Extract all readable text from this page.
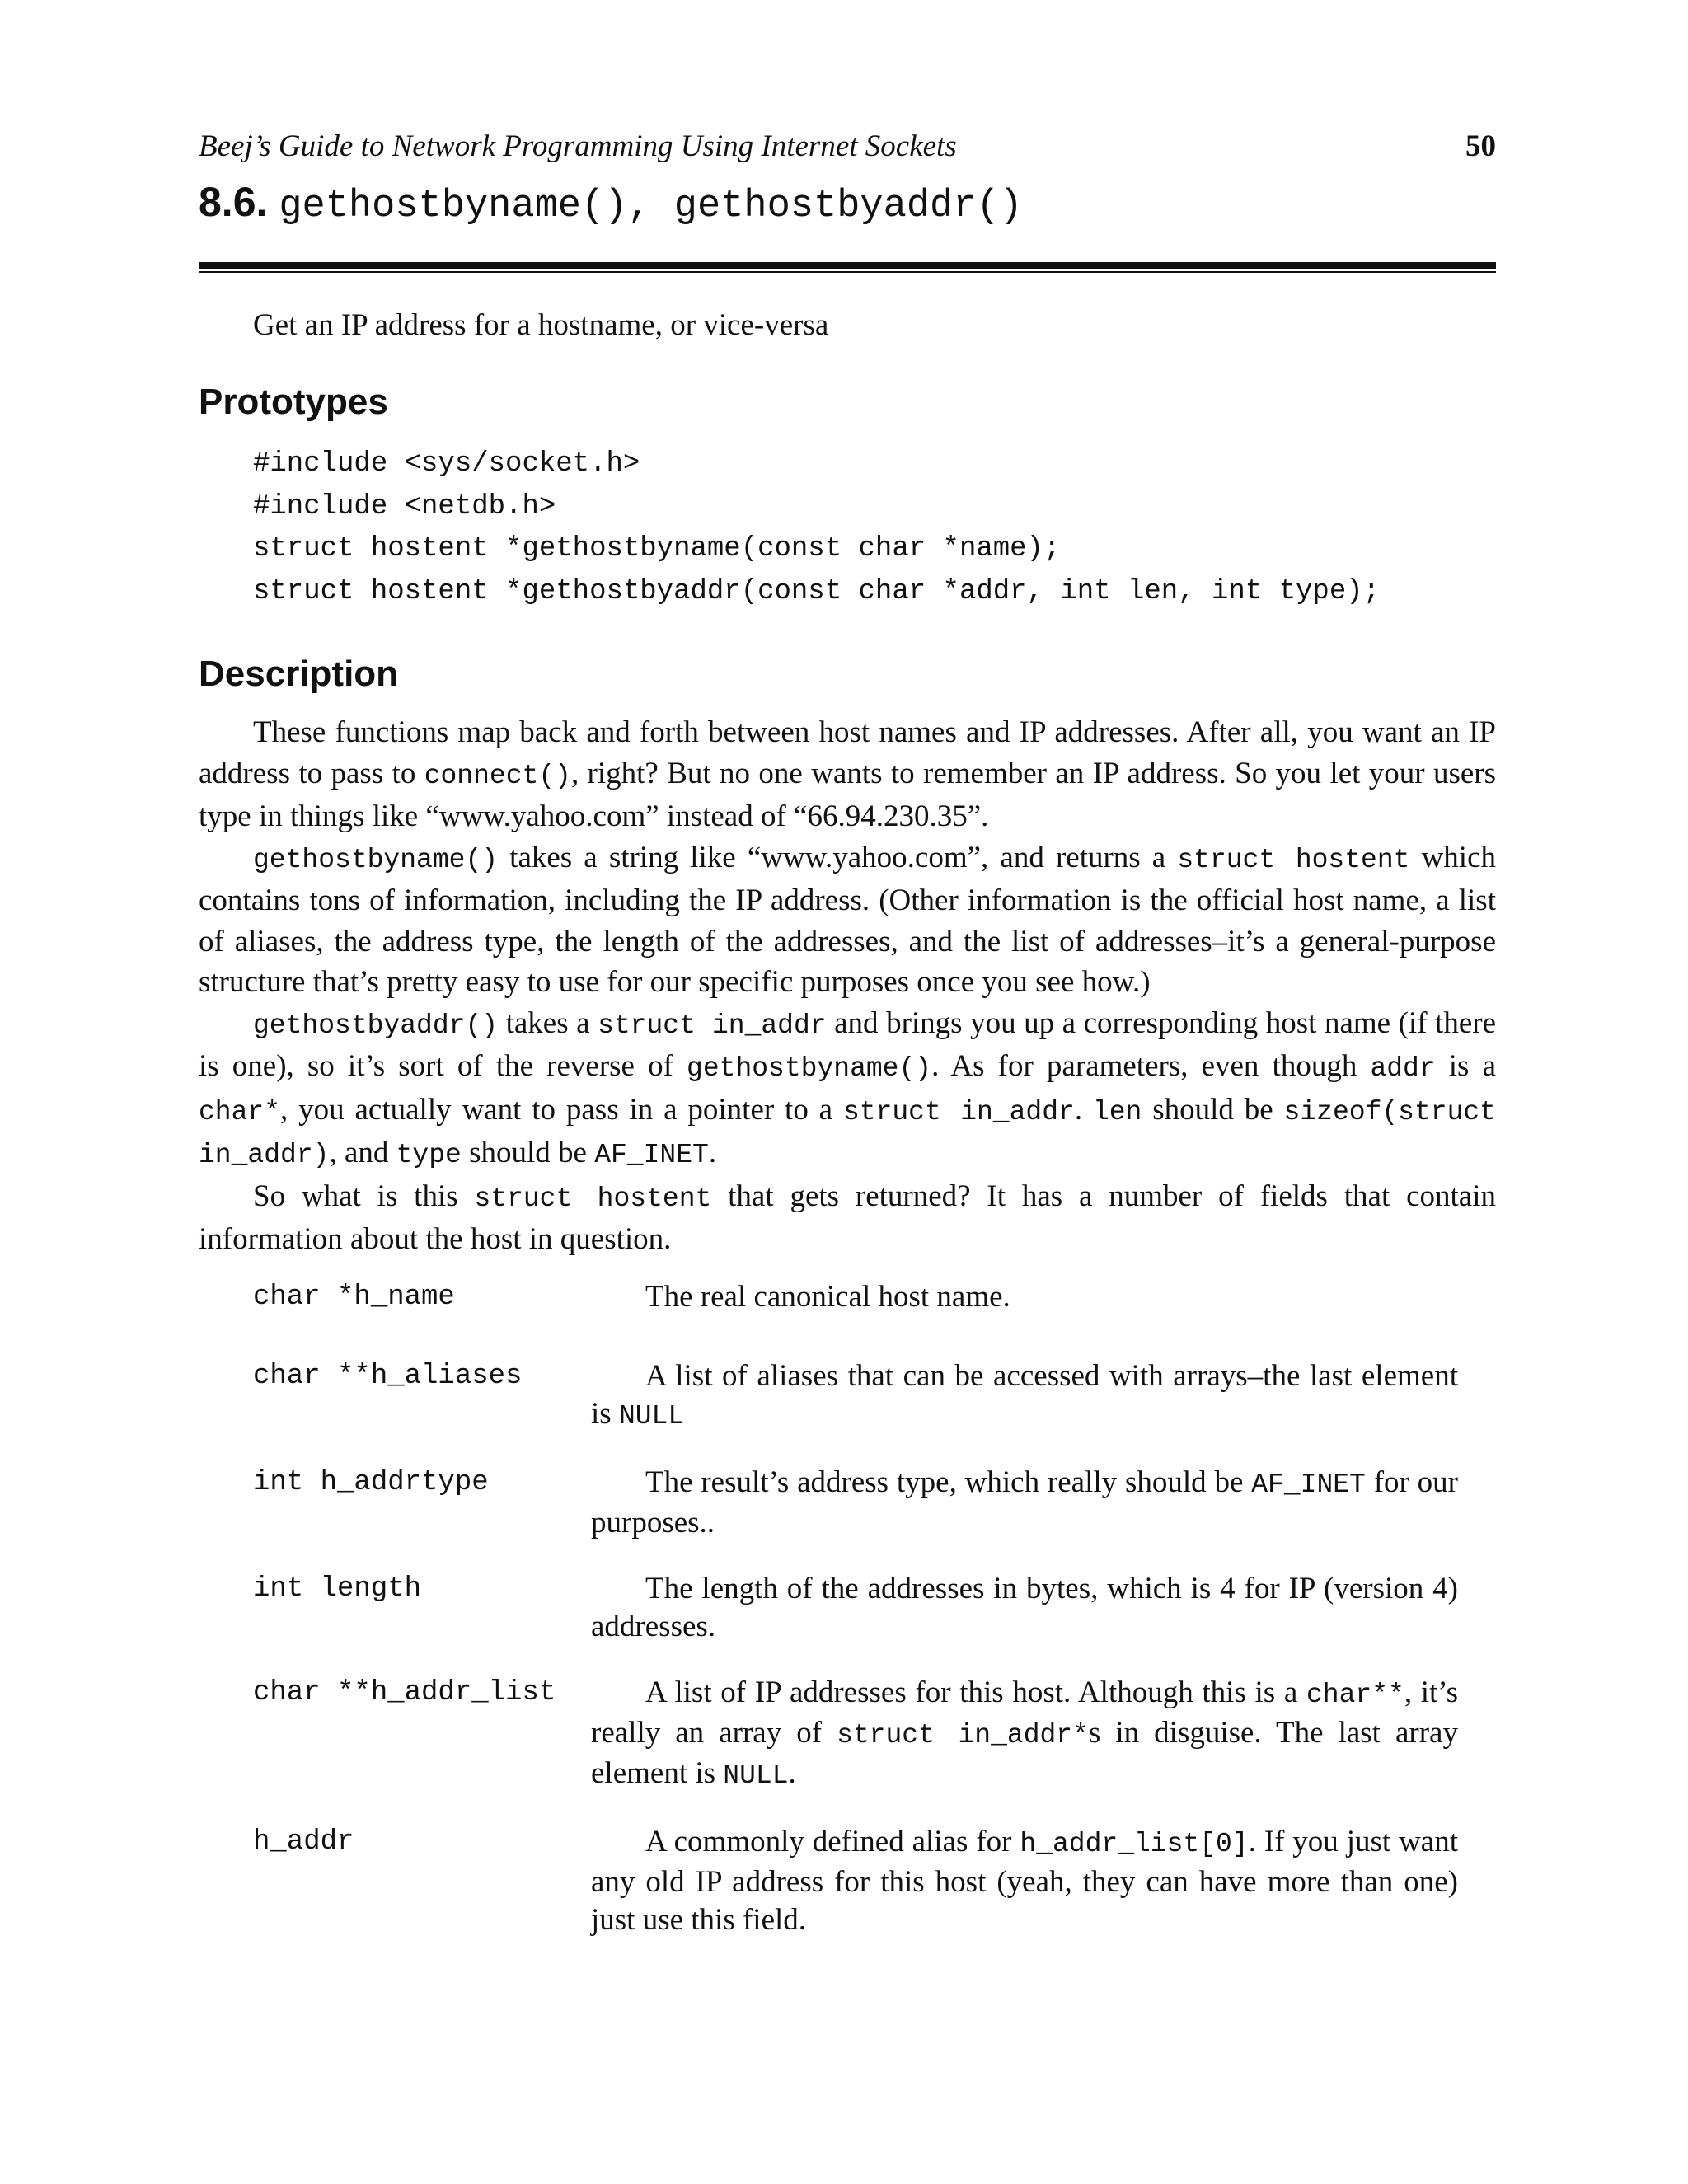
Beej’s Guide to Network Programming Using Internet Sockets	50
8.6. gethostbyname(), gethostbyaddr()
Get an IP address for a hostname, or vice-versa
Prototypes
#include <sys/socket.h>
#include <netdb.h>
struct hostent *gethostbyname(const char *name);
struct hostent *gethostbyaddr(const char *addr, int len, int type);
Description

These functions map back and forth between host names and IP addresses. After all, you want an IP address to pass to connect(), right? But no one wants to remember an IP address. So you let your users type in things like “www.yahoo.com” instead of “66.94.230.35”.

gethostbyname() takes a string like “www.yahoo.com”, and returns a struct hostent which contains tons of information, including the IP address. (Other information is the official host name, a list of aliases, the address type, the length of the addresses, and the list of addresses–it’s a general-purpose structure that’s pretty easy to use for our specific purposes once you see how.)

gethostbyaddr() takes a struct in_addr and brings you up a corresponding host name (if there is one), so it’s sort of the reverse of gethostbyname(). As for parameters, even though addr is a char*, you actually want to pass in a pointer to a struct in_addr. len should be sizeof(struct in_addr), and type should be AF_INET.

So what is this struct hostent that gets returned? It has a number of fields that contain information about the host in question.

char *h_name	The real canonical host name.
char **h_aliases	A list of aliases that can be accessed with arrays–the last element is NULL
int h_addrtype	The result’s address type, which really should be AF_INET for our purposes..
int length	The length of the addresses in bytes, which is 4 for IP (version 4) addresses.
char **h_addr_list	A list of IP addresses for this host. Although this is a char**, it’s really an array of struct in_addr*s in disguise. The last array element is NULL.
h_addr	A commonly defined alias for h_addr_list[0]. If you just want any old IP address for this host (yeah, they can have more than one) just use this field.
